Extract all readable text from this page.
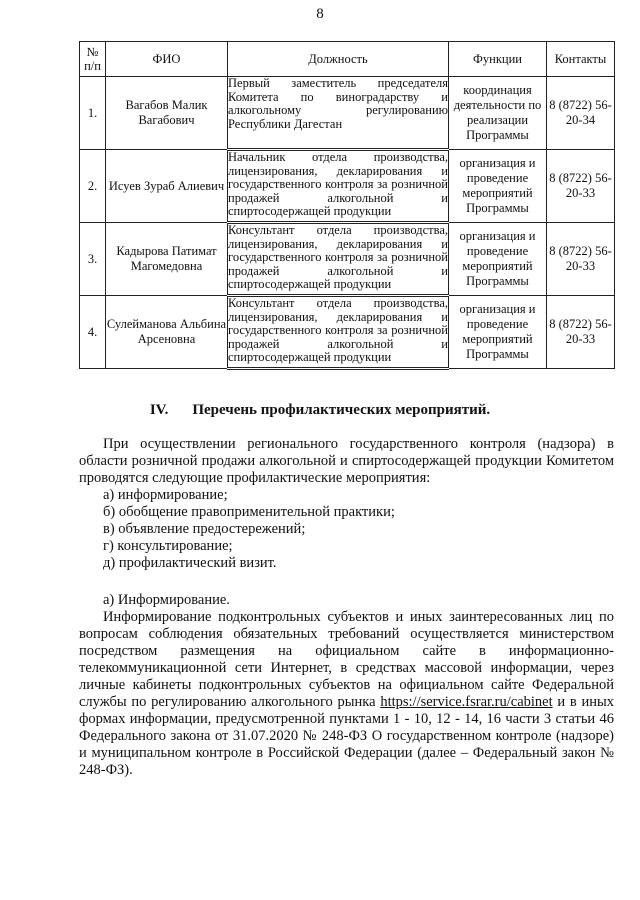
8
№ п/п	ФИО	Должность	Функции	Контакты
1.	Вагабов Малик Вагабович	Первый заместитель председателя Комитета по виноградарству и алкогольному регулированию Республики Дагестан	координация деятельности по реализации Программы	8 (8722) 56- 20-34
2.	Исуев Зураб Алиевич	Начальник отдела производства, лицензирования, декларирования и государственного контроля за розничной продажей алкогольной и спиртосодержащей продукции	организация и проведение мероприятий Программы	8 (8722) 56-20-33
3.	Кадырова Патимат Магомедовна	Консультант отдела производства, лицензирования, декларирования и государственного контроля за розничной продажей алкогольной и спиртосодержащей продукции	организация и проведение мероприятий Программы	8 (8722) 56-20-33
4.	Сулейманова Альбина Арсеновна	Консультант отдела производства, лицензирования, декларирования и государственного контроля за розничной продажей алкогольной и спиртосодержащей продукции	организация и проведение мероприятий Программы	8 (8722) 56-20-33
IV. Перечень профилактических мероприятий.
При осуществлении регионального государственного контроля (надзора) в области розничной продажи алкогольной и спиртосодержащей продукции Комитетом проводятся следующие профилактические мероприятия:
а) информирование;
б) обобщение правоприменительной практики;
в) объявление предостережений;
г) консультирование;
д) профилактический визит.
а) Информирование.
Информирование подконтрольных субъектов и иных заинтересованных лиц по вопросам соблюдения обязательных требований осуществляется министерством посредством размещения на официальном сайте в информационно-телекоммуникационной сети Интернет, в средствах массовой информации, через личные кабинеты подконтрольных субъектов на официальном сайте Федеральной службы по регулированию алкогольного рынка https://service.fsrar.ru/cabinet и в иных формах информации, предусмотренной пунктами 1 - 10, 12 - 14, 16 части 3 статьи 46 Федерального закона от 31.07.2020 № 248-ФЗ О государственном контроле (надзоре) и муниципальном контроле в Российской Федерации (далее – Федеральный закон № 248-ФЗ).
